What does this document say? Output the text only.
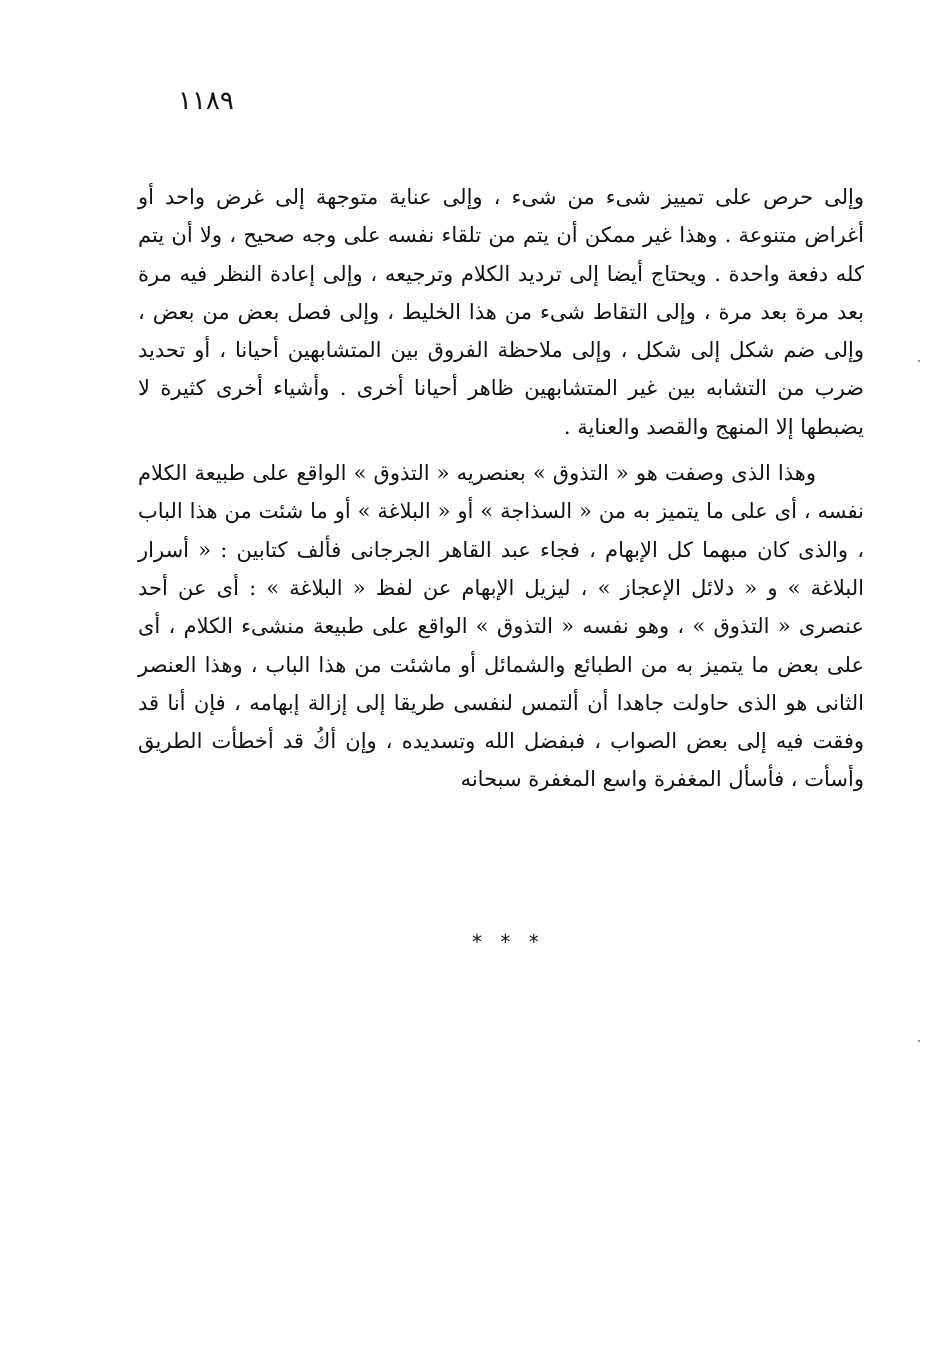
١١٨٩

وإلى حرص على تمييز شىء من شىء ، وإلى عناية متوجهة إلى غرض واحد أو أغراض متنوعة . وهذا غير ممكن أن يتم من تلقاء نفسه على وجه صحيح ، ولا أن يتم كله دفعة واحدة . ويحتاج أيضا إلى ترديد الكلام وترجيعه ، وإلى إعادة النظر فيه مرة بعد مرة بعد مرة ، وإلى التقاط شىء من هذا الخليط ، وإلى فصل بعض من بعض ، وإلى ضم شكل إلى شكل ، وإلى ملاحظة الفروق بين المتشابهين أحيانا ، أو تحديد ضرب من التشابه بين غير المتشابهين ظاهر أحيانا أخرى . وأشياء أخرى كثيرة لا يضبطها إلا المنهج والقصد والعناية .

وهذا الذى وصفت هو « التذوق » بعنصريه « التذوق » الواقع على طبيعة الكلام نفسه ، أى على ما يتميز به من « السذاجة » أو « البلاغة » أو ما شئت من هذا الباب ، والذى كان مبهما كل الإبهام ، فجاء عبد القاهر الجرجانى فألف كتابين : « أسرار البلاغة » و « دلائل الإعجاز » ، ليزيل الإبهام عن لفظ « البلاغة » : أى عن أحد عنصرى « التذوق » ، وهو نفسه « التذوق » الواقع على طبيعة منشىء الكلام ، أى على بعض ما يتميز به من الطبائع والشمائل أو ماشئت من هذا الباب ، وهذا العنصر الثانى هو الذى حاولت جاهدا أن ألتمس لنفسى طريقا إلى إزالة إبهامه ، فإن أنا قد وفقت فيه إلى بعض الصواب ، فبفضل الله وتسديده ، وإن أكُ قد أخطأت الطريق وأسأت ، فأسأل المغفرة واسع المغفرة سبحانه

* * *
